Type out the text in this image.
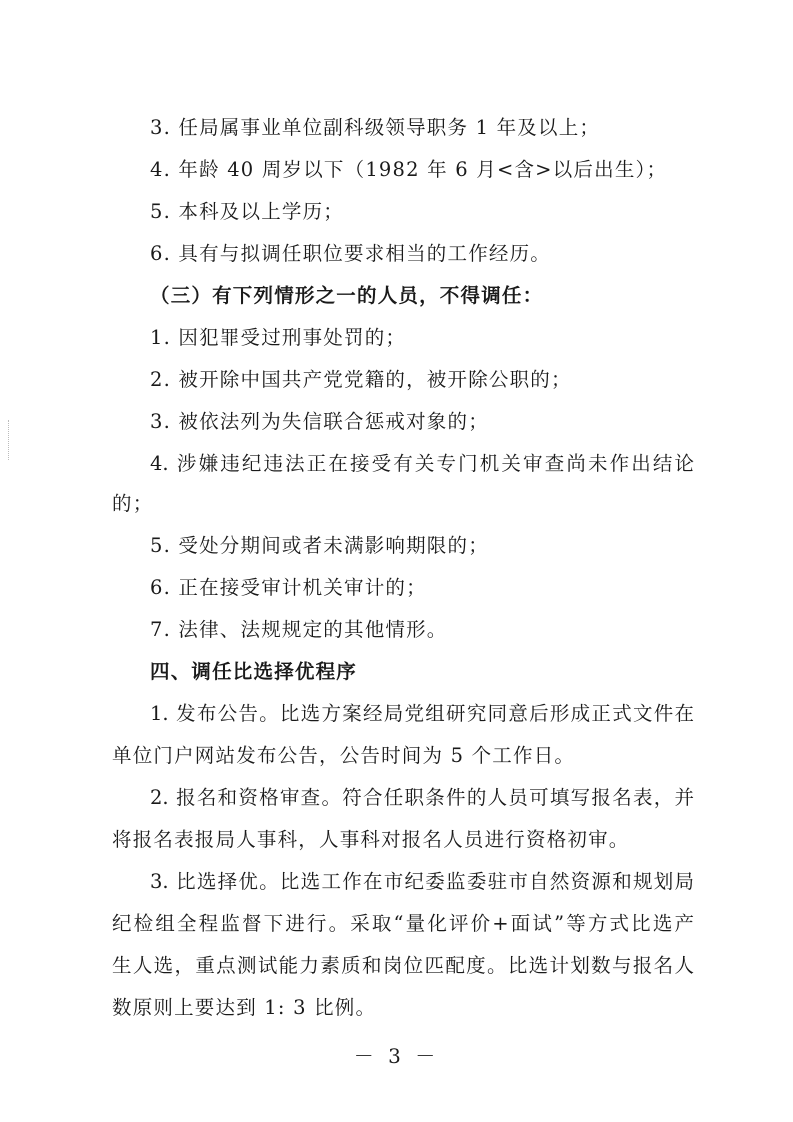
3. 任局属事业单位副科级领导职务 1 年及以上；
4. 年龄 40 周岁以下（1982 年 6 月<含>以后出生）；
5. 本科及以上学历；
6. 具有与拟调任职位要求相当的工作经历。
（三）有下列情形之一的人员，不得调任：
1. 因犯罪受过刑事处罚的；
2. 被开除中国共产党党籍的，被开除公职的；
3. 被依法列为失信联合惩戒对象的；
4. 涉嫌违纪违法正在接受有关专门机关审查尚未作出结论
的；
5. 受处分期间或者未满影响期限的；
6. 正在接受审计机关审计的；
7. 法律、法规规定的其他情形。
四、调任比选择优程序
1. 发布公告。比选方案经局党组研究同意后形成正式文件在
单位门户网站发布公告，公告时间为 5 个工作日。
2. 报名和资格审查。符合任职条件的人员可填写报名表，并
将报名表报局人事科，人事科对报名人员进行资格初审。
3. 比选择优。比选工作在市纪委监委驻市自然资源和规划局
纪检组全程监督下进行。采取“量化评价+面试”等方式比选产
生人选，重点测试能力素质和岗位匹配度。比选计划数与报名人
数原则上要达到 1: 3 比例。
－ 3 －
